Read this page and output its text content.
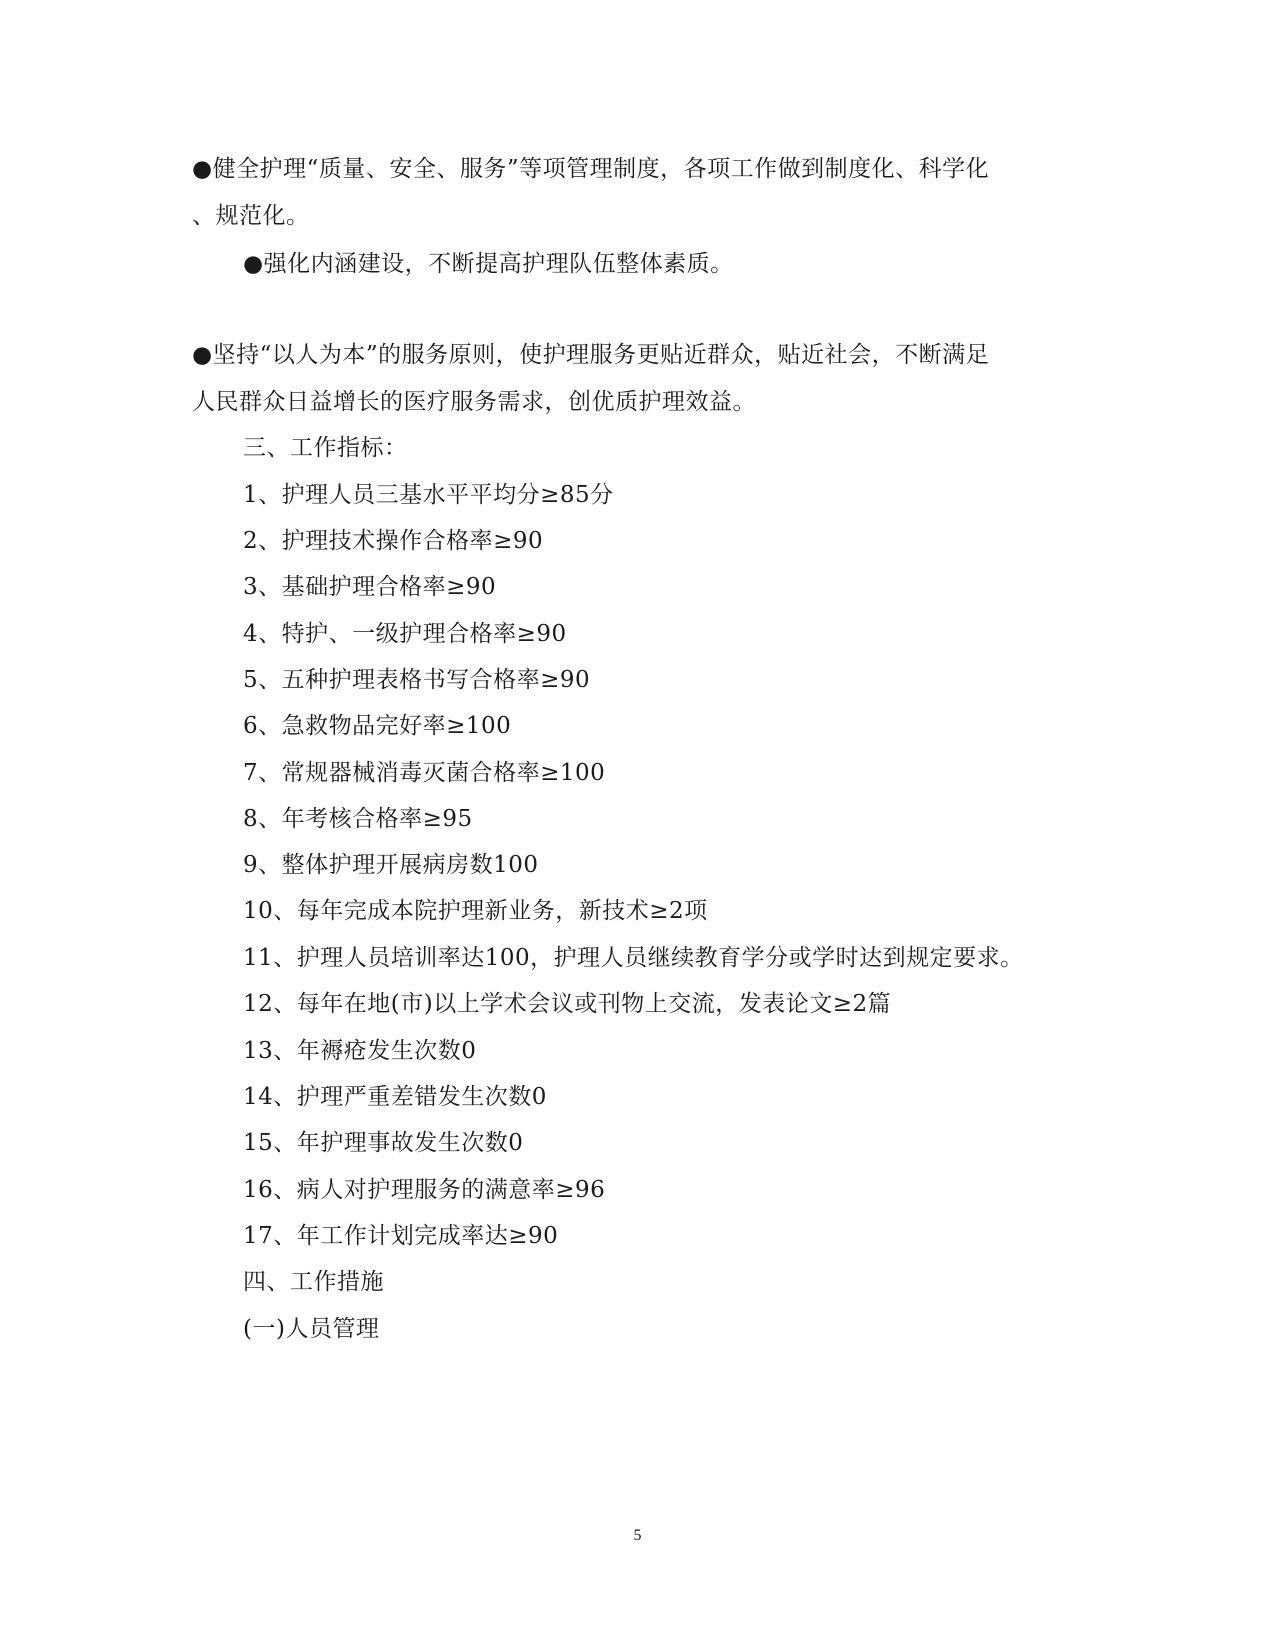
●健全护理“质量、安全、服务”等项管理制度，各项工作做到制度化、科学化
、规范化。
●强化内涵建设，不断提高护理队伍整体素质。
●坚持“以人为本”的服务原则，使护理服务更贴近群众，贴近社会，不断满足
人民群众日益增长的医疗服务需求，创优质护理效益。
三、工作指标：
1、护理人员三基水平平均分≥85分
2、护理技术操作合格率≥90
3、基础护理合格率≥90
4、特护、一级护理合格率≥90
5、五种护理表格书写合格率≥90
6、急救物品完好率≥100
7、常规器械消毒灭菌合格率≥100
8、年考核合格率≥95
9、整体护理开展病房数100
10、每年完成本院护理新业务，新技术≥2项
11、护理人员培训率达100，护理人员继续教育学分或学时达到规定要求。
12、每年在地(市)以上学术会议或刊物上交流，发表论文≥2篇
13、年褥疮发生次数0
14、护理严重差错发生次数0
15、年护理事故发生次数0
16、病人对护理服务的满意率≥96
17、年工作计划完成率达≥90
四、工作措施
(一)人员管理
5
